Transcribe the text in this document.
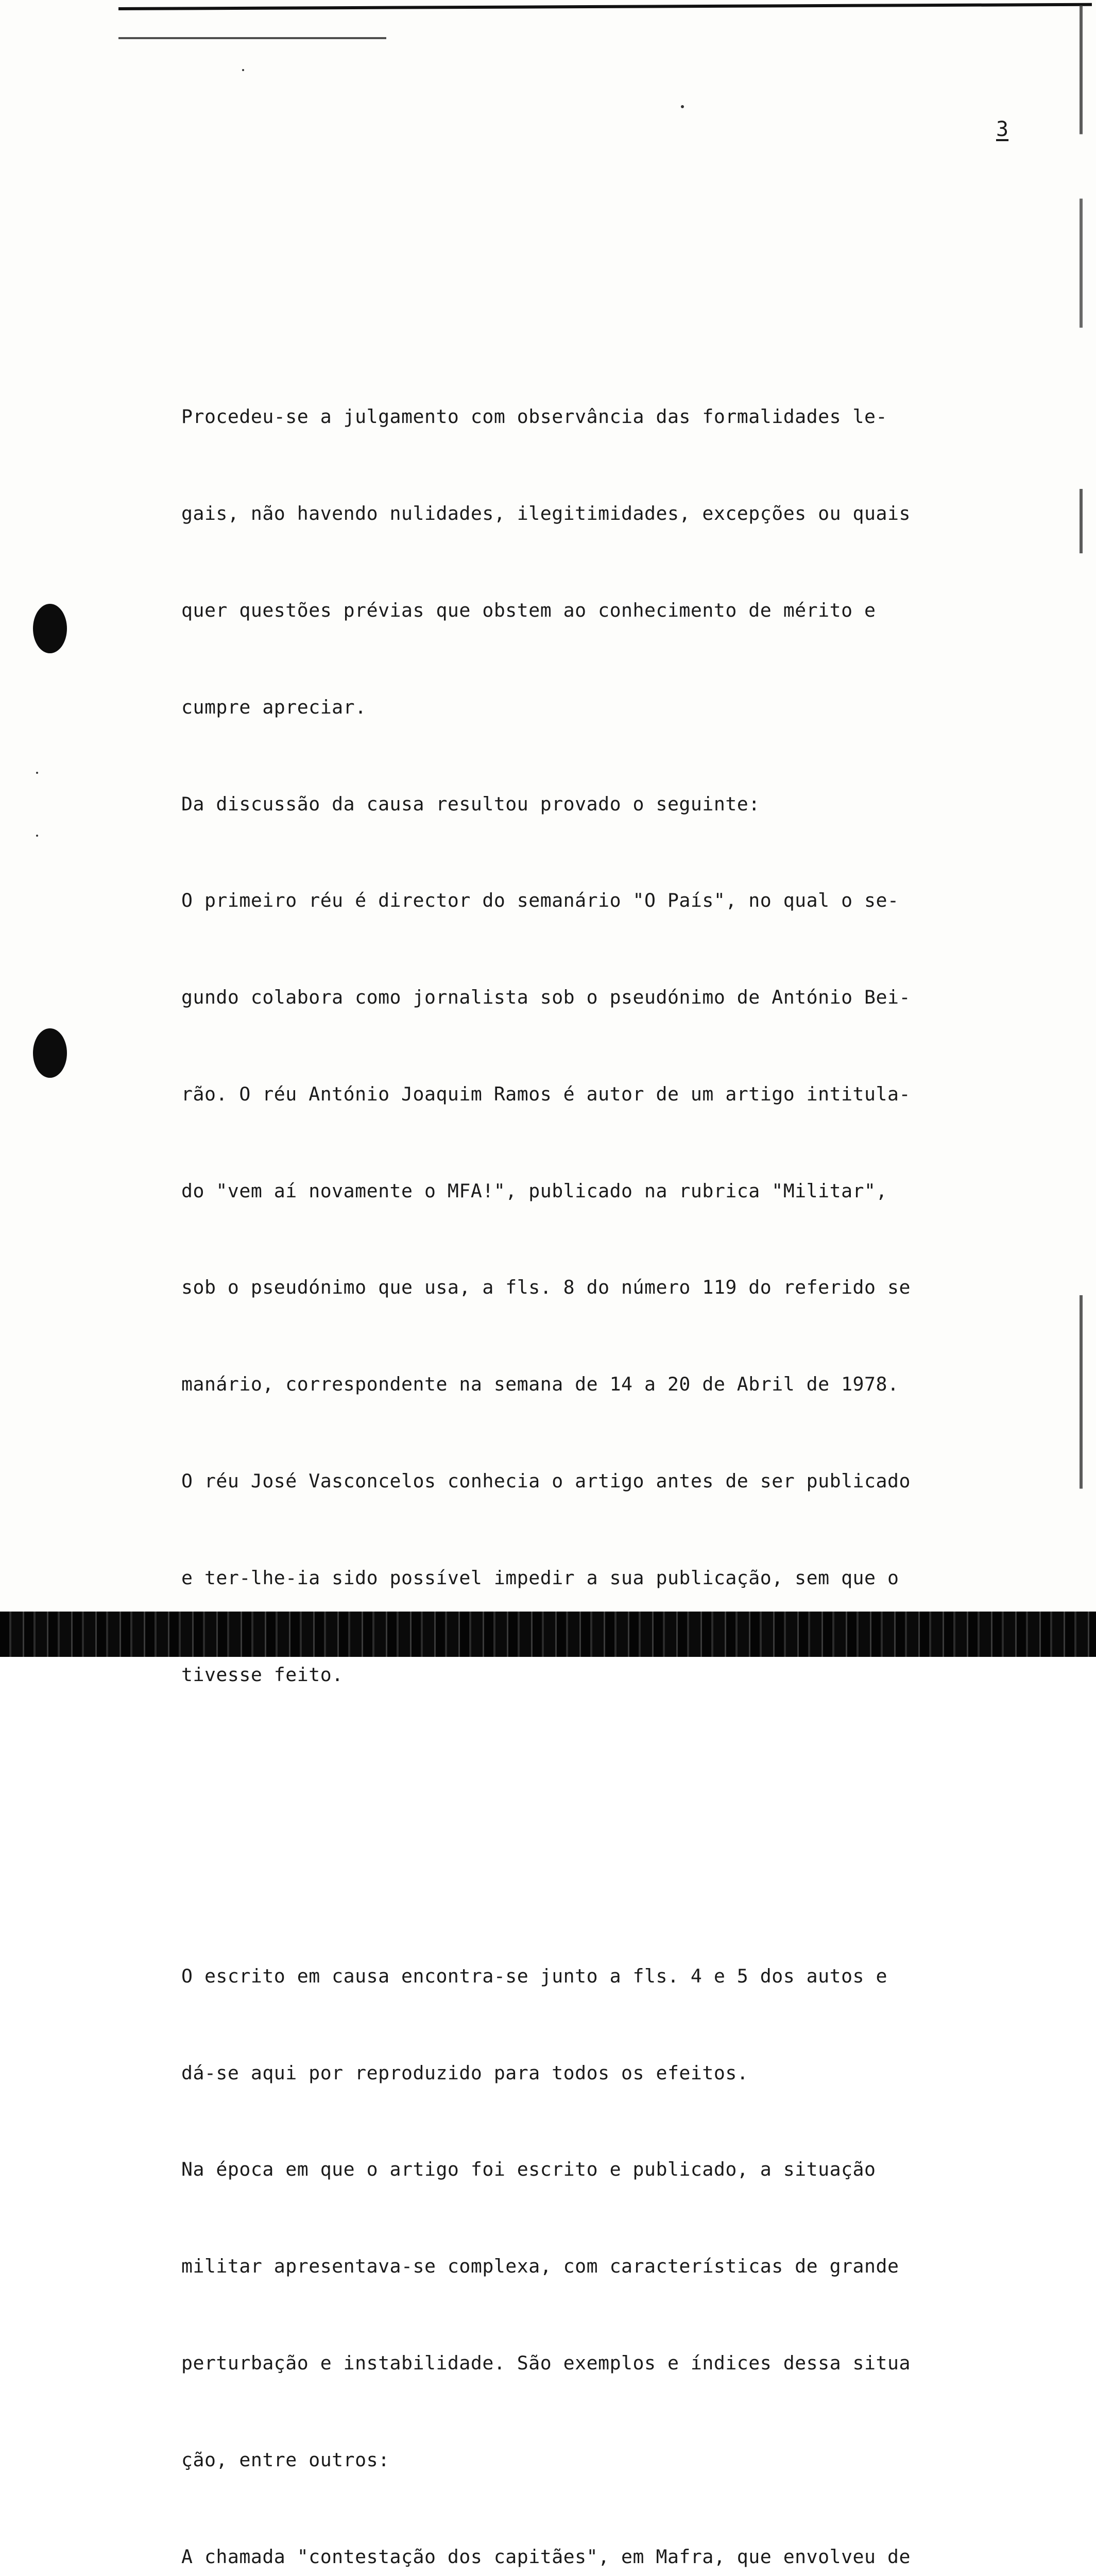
3

Procedeu-se a julgamento com observância das formalidades le-

gais, não havendo nulidades, ilegitimidades, excepções ou quais

quer questões prévias que obstem ao conhecimento de mérito e

cumpre apreciar.

Da discussão da causa resultou provado o seguinte:

O primeiro réu é director do semanário "O País", no qual o se-

gundo colabora como jornalista sob o pseudónimo de António Bei-

rão. O réu António Joaquim Ramos é autor de um artigo intitula-

do "vem aí novamente o MFA!", publicado na rubrica "Militar",

sob o pseudónimo que usa, a fls. 8 do número 119 do referido se

manário, correspondente na semana de 14 a 20 de Abril de 1978.

O réu José Vasconcelos conhecia o artigo antes de ser publicado

e ter-lhe-ia sido possível impedir a sua publicação, sem que o

tivesse feito.

O escrito em causa encontra-se junto a fls. 4 e 5 dos autos e

dá-se aqui por reproduzido para todos os efeitos.

Na época em que o artigo foi escrito e publicado, a situação

militar apresentava-se complexa, com características de grande

perturbação e instabilidade. São exemplos e índices dessa situa

ção, entre outros:

A chamada "contestação dos capitães", em Mafra, que envolveu de
